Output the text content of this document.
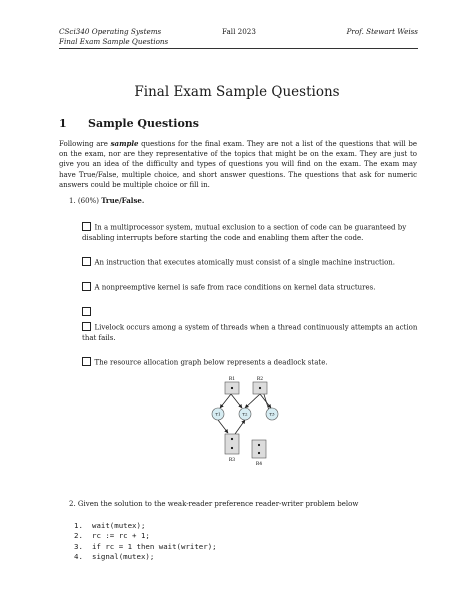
CSci340 Operating Systems
Final Exam Sample Questions
Fall 2023	Prof. Stewart Weiss
Final Exam Sample Questions
1 Sample Questions
Following are sample questions for the final exam. They are not a list of the questions that will be on the exam, nor are they representative of the topics that might be on the exam. They are just to give you an idea of the difficulty and types of questions you will find on the exam. The exam may have True/False, multiple choice, and short answer questions. The questions that ask for numeric answers could be multiple choice or fill in.
1. (60%) True/False.
In a multiprocessor system, mutual exclusion to a section of code can be guaranteed by disabling interrupts before starting the code and enabling them after the code.
An instruction that executes atomically must consist of a single machine instruction.
A nonpreemptive kernel is safe from race conditions on kernel data structures.
Livelock occurs among a system of threads when a thread continuously attempts an action that fails.
The resource allocation graph below represents a deadlock state.
R1	R2
R3
R4
T1	T2	T3
2. Given the solution to the weak-reader preference reader-writer problem below
1. wait(mutex);
2. rc := rc + 1;
3. if rc = 1 then wait(writer);
4. signal(mutex);
